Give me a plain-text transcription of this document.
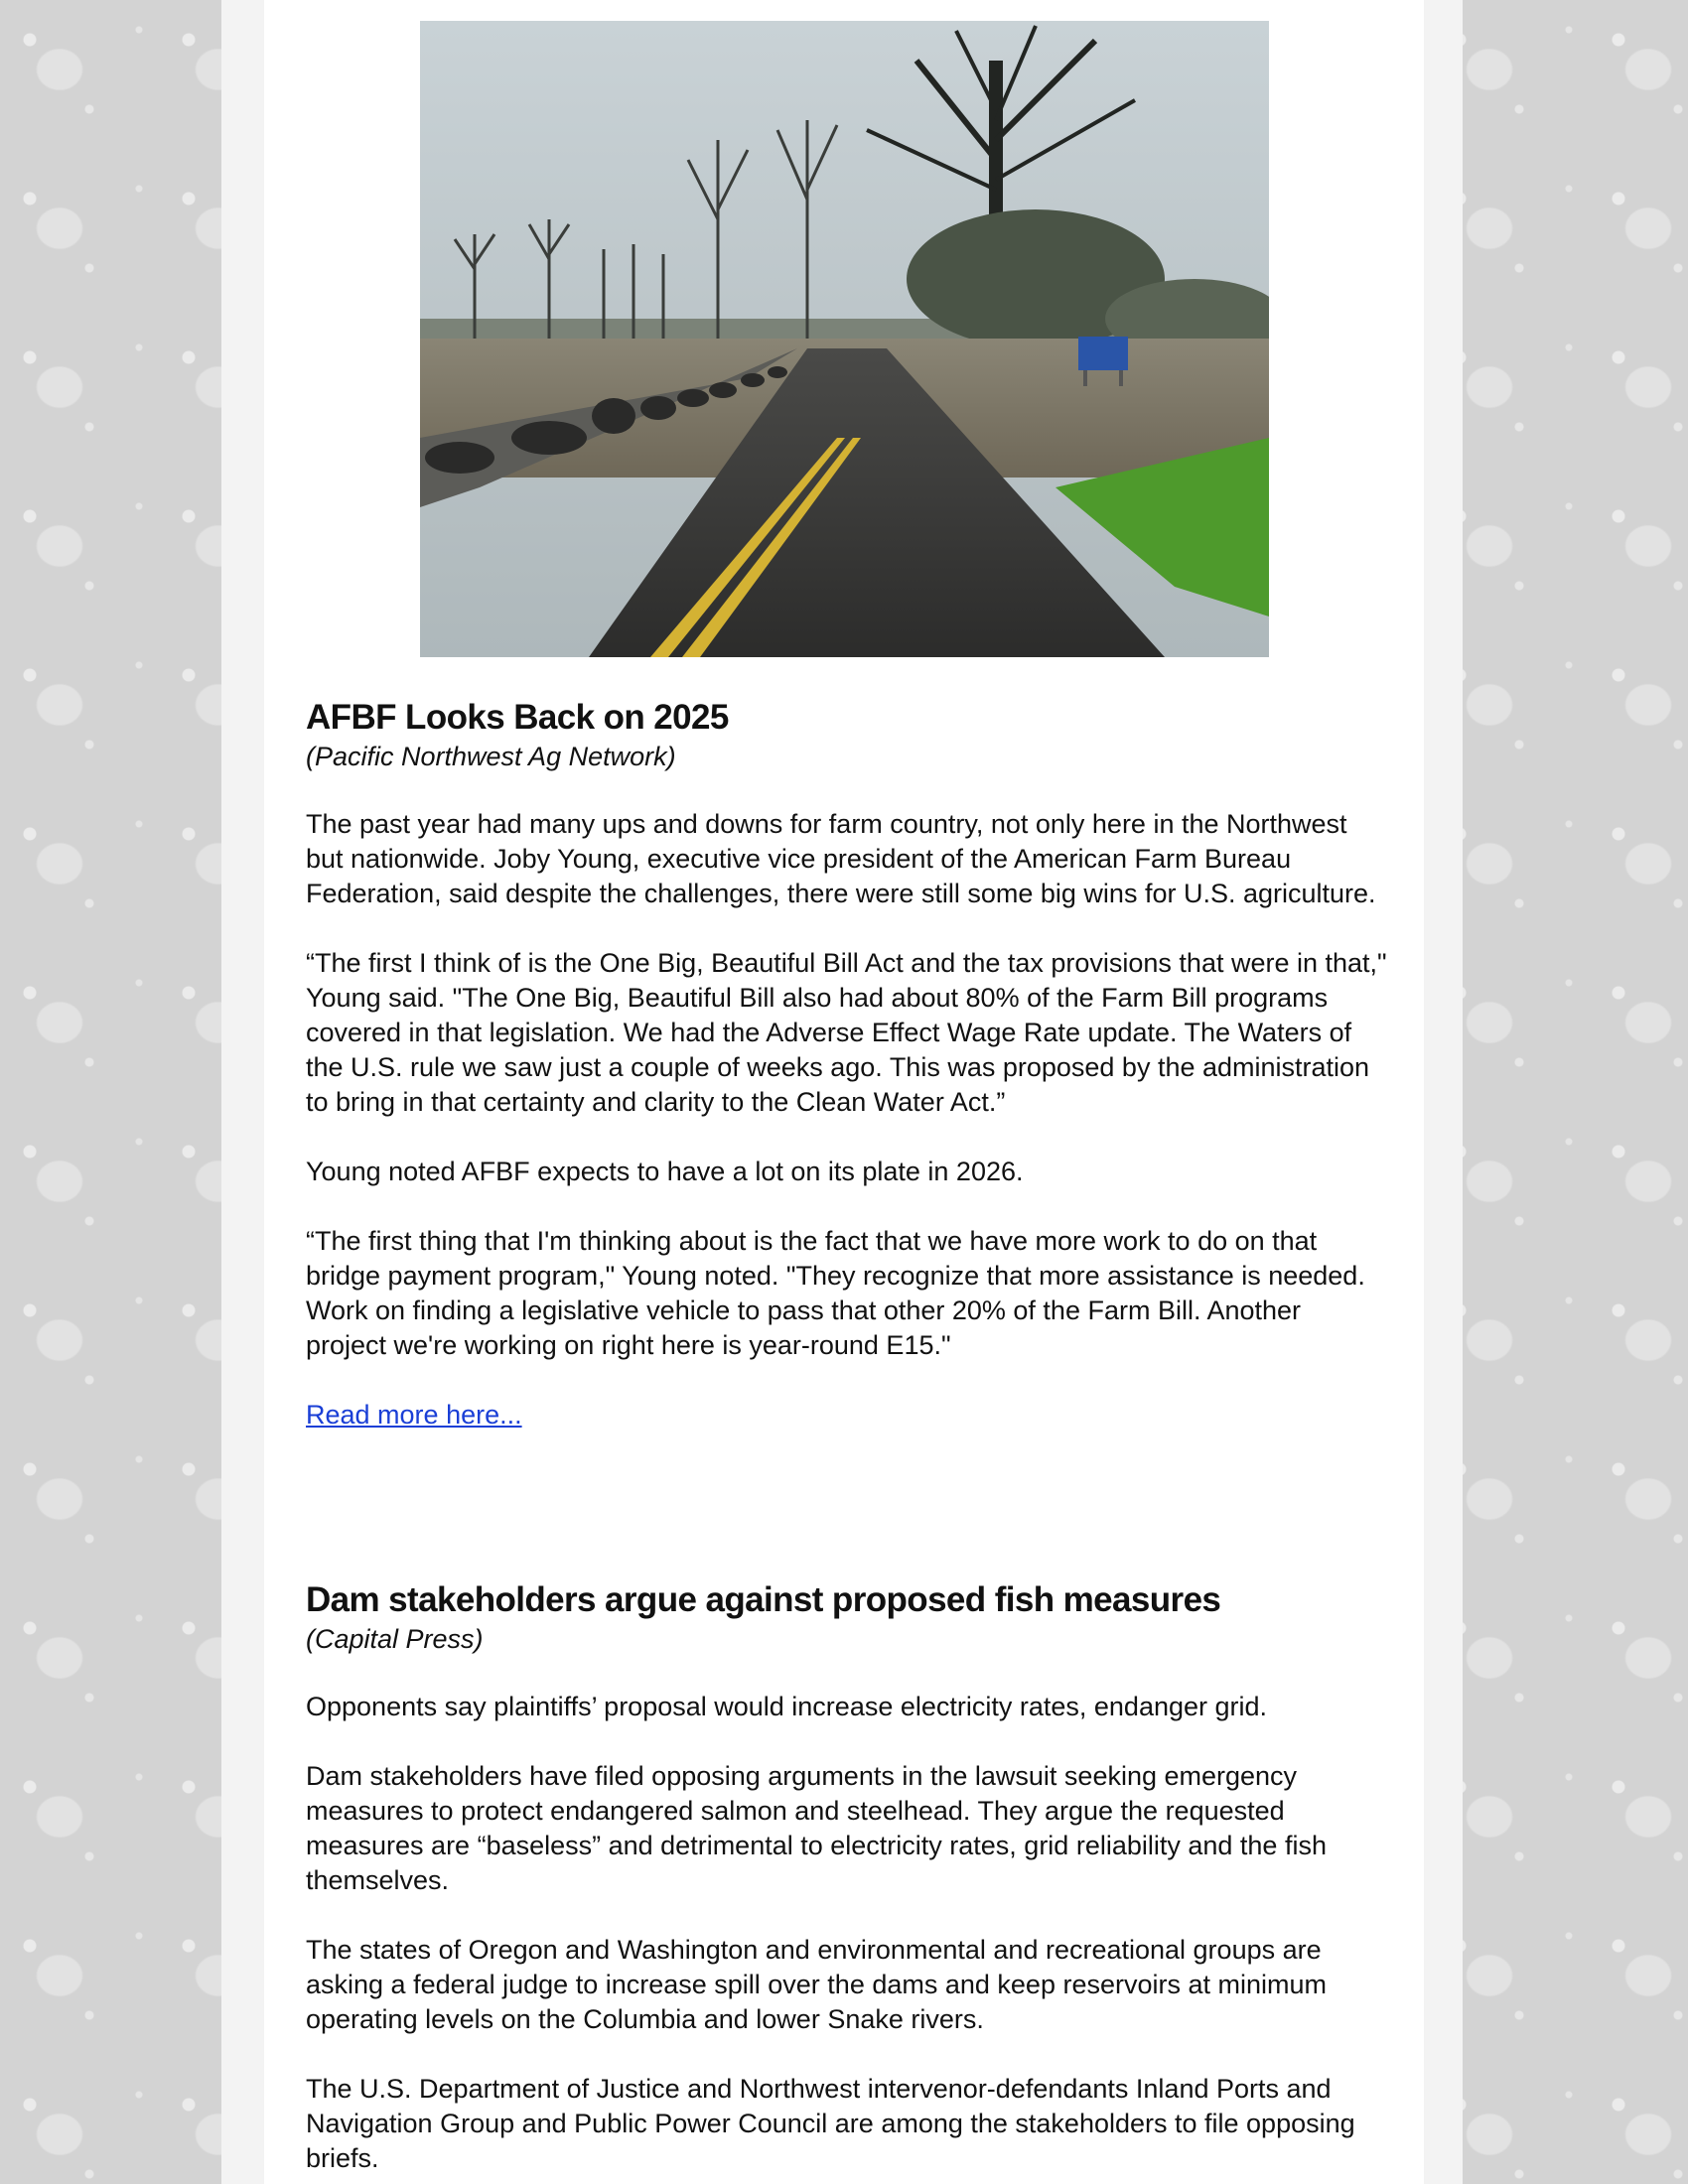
AFBF Looks Back on 2025

(Pacific Northwest Ag Network)

The past year had many ups and downs for farm country, not only here in the Northwest but nationwide. Joby Young, executive vice president of the American Farm Bureau Federation, said despite the challenges, there were still some big wins for U.S. agriculture.

“The first I think of is the One Big, Beautiful Bill Act and the tax provisions that were in that," Young said. "The One Big, Beautiful Bill also had about 80% of the Farm Bill programs covered in that legislation. We had the Adverse Effect Wage Rate update. The Waters of the U.S. rule we saw just a couple of weeks ago. This was proposed by the administration to bring in that certainty and clarity to the Clean Water Act.”

Young noted AFBF expects to have a lot on its plate in 2026.

“The first thing that I'm thinking about is the fact that we have more work to do on that bridge payment program," Young noted. "They recognize that more assistance is needed. Work on finding a legislative vehicle to pass that other 20% of the Farm Bill. Another project we're working on right here is year-round E15."

Read more here...
Dam stakeholders argue against proposed fish measures

(Capital Press)

Opponents say plaintiffs’ proposal would increase electricity rates, endanger grid.

Dam stakeholders have filed opposing arguments in the lawsuit seeking emergency measures to protect endangered salmon and steelhead. They argue the requested measures are “baseless” and detrimental to electricity rates, grid reliability and the fish themselves.

The states of Oregon and Washington and environmental and recreational groups are asking a federal judge to increase spill over the dams and keep reservoirs at minimum operating levels on the Columbia and lower Snake rivers.

The U.S. Department of Justice and Northwest intervenor-defendants Inland Ports and Navigation Group and Public Power Council are among the stakeholders to file opposing briefs.
